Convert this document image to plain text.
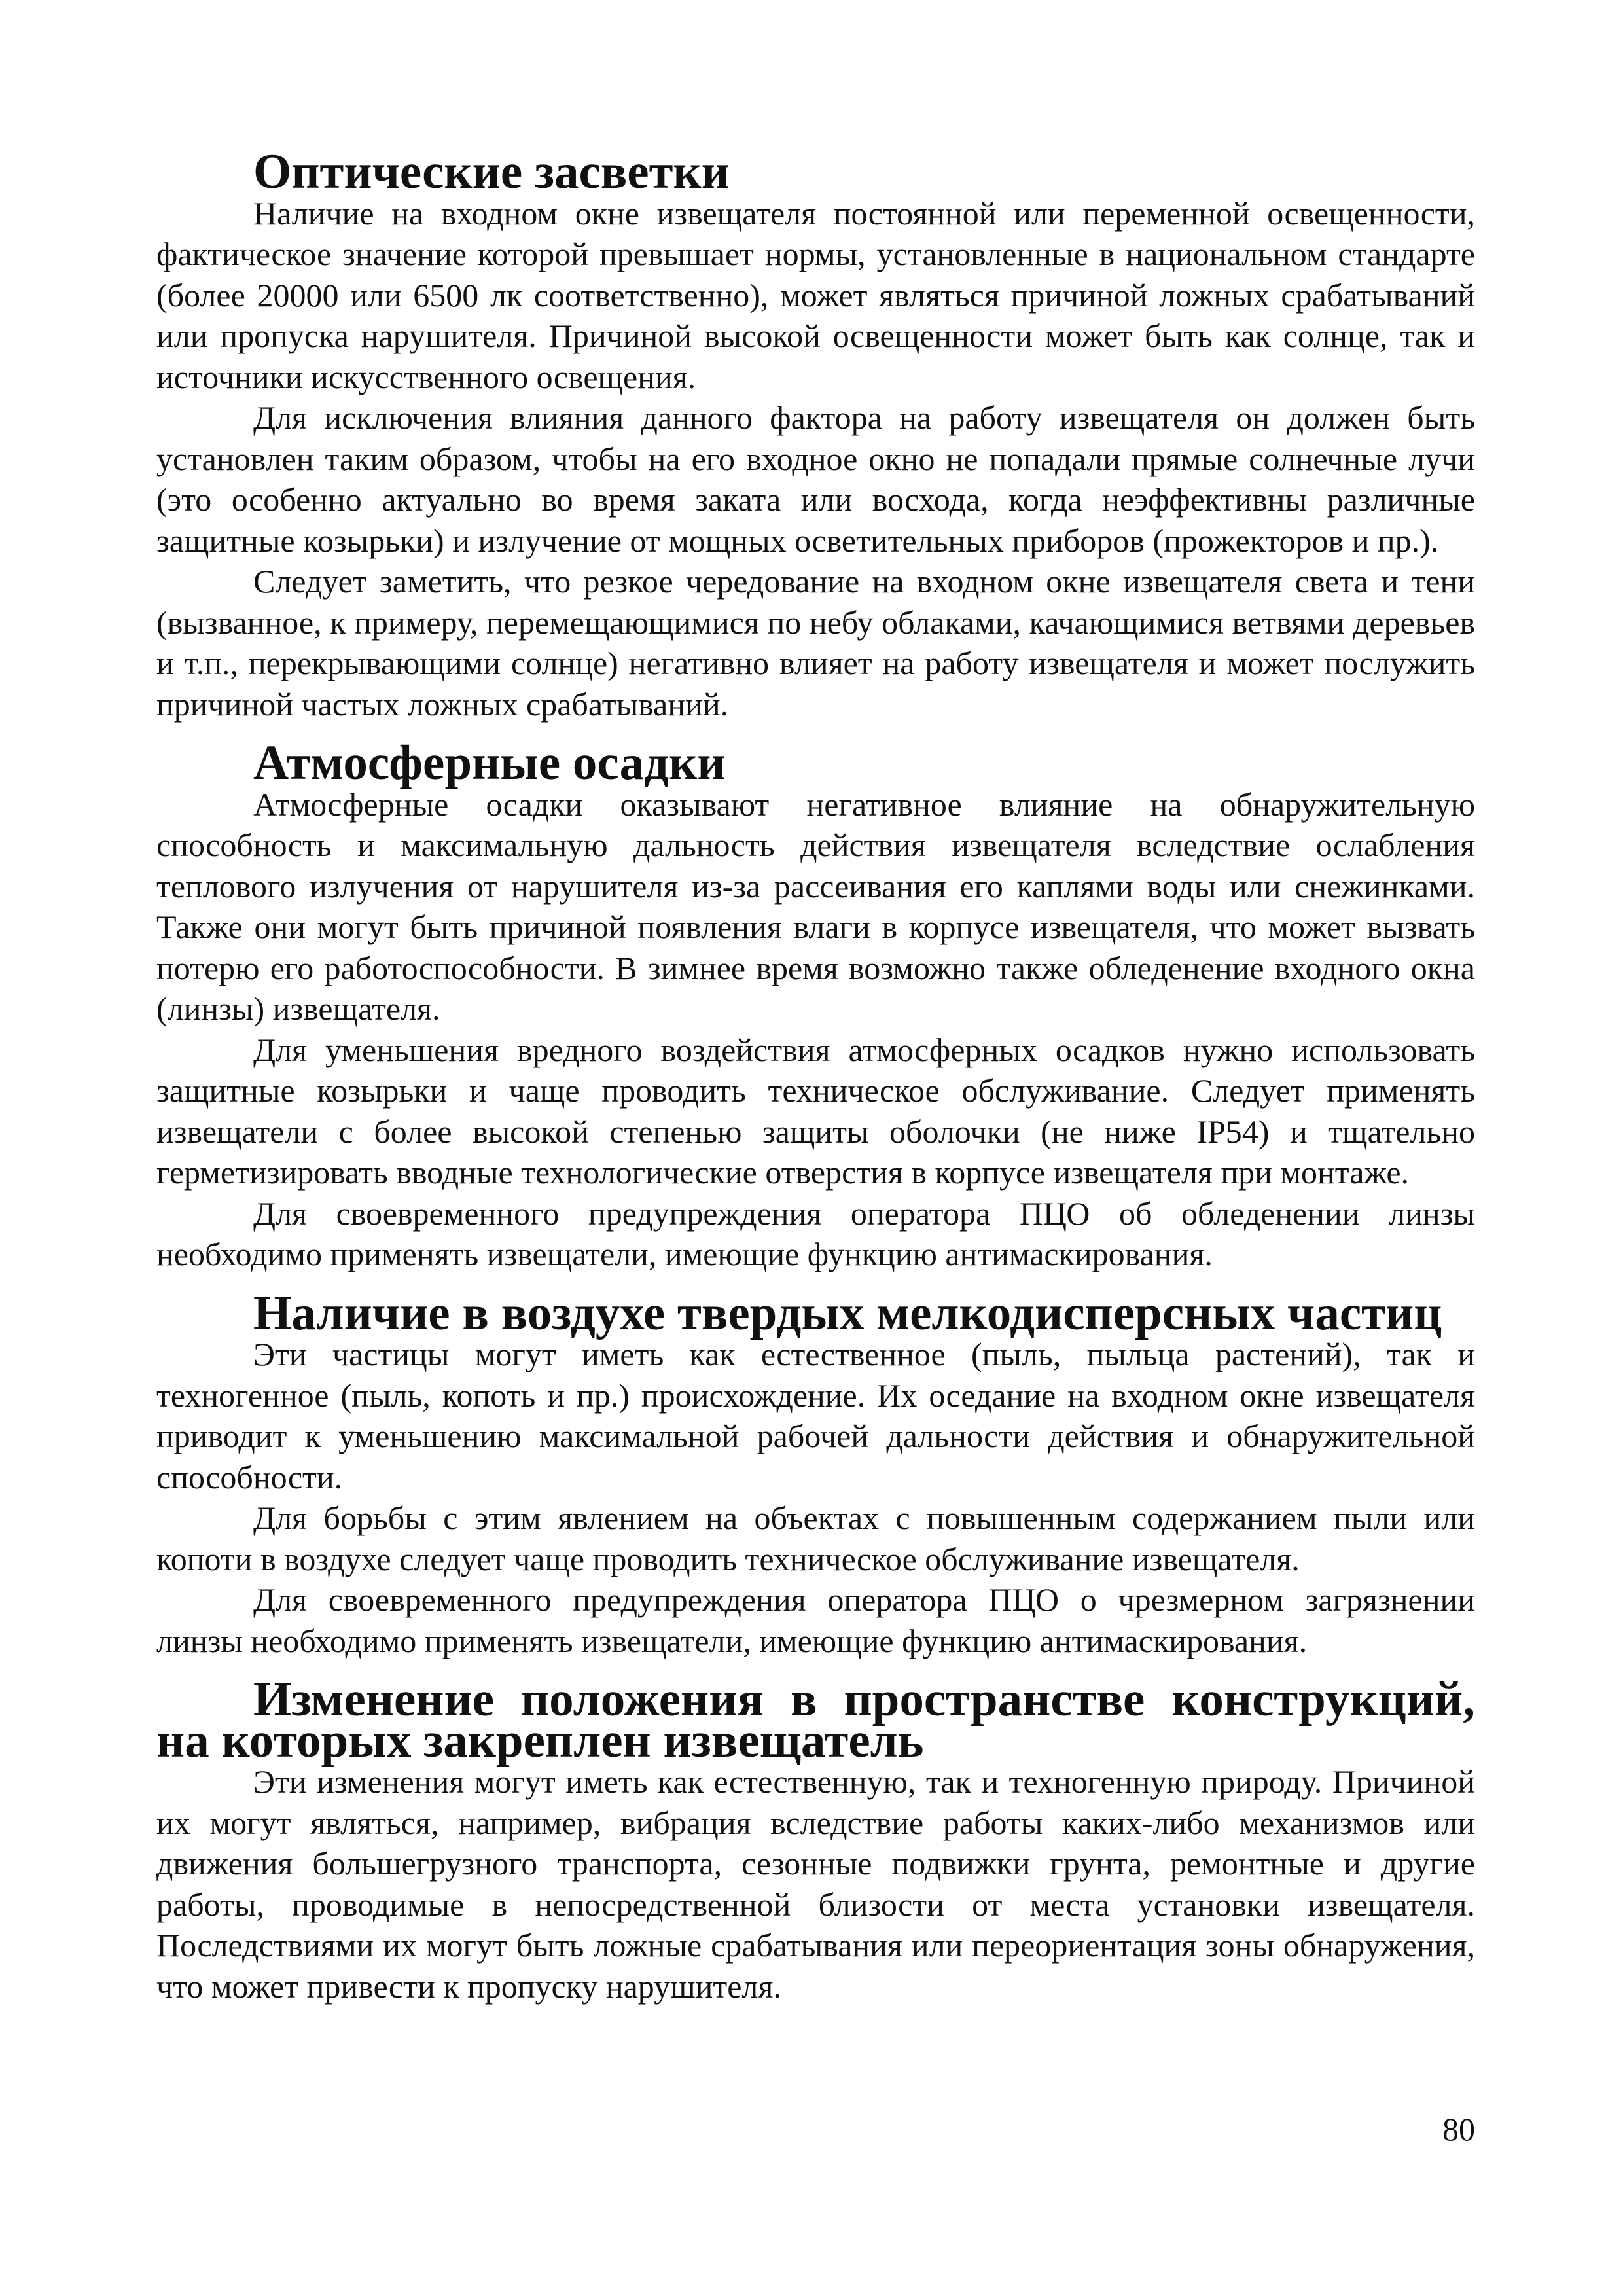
Оптические засветки

Наличие на входном окне извещателя постоянной или переменной освещенности, фактическое значение которой превышает нормы, установленные в национальном стандарте (более 20000 или 6500 лк соответственно), может являться причиной ложных срабатываний или пропуска нарушителя. Причиной высокой освещенности может быть как солнце, так и источники искусственного освещения.

Для исключения влияния данного фактора на работу извещателя он должен быть установлен таким образом, чтобы на его входное окно не попадали прямые солнечные лучи (это особенно актуально во время заката или восхода, когда неэффективны различные защитные козырьки) и излучение от мощных осветительных приборов (прожекторов и пр.).

Следует заметить, что резкое чередование на входном окне извещателя света и тени (вызванное, к примеру, перемещающимися по небу облаками, качающимися ветвями деревьев и т.п., перекрывающими солнце) негативно влияет на работу извещателя и может послужить причиной частых ложных срабатываний.

Атмосферные осадки

Атмосферные осадки оказывают негативное влияние на обнаружительную способность и максимальную дальность действия извещателя вследствие ослабления теплового излучения от нарушителя из-за рассеивания его каплями воды или снежинками. Также они могут быть причиной появления влаги в корпусе извещателя, что может вызвать потерю его работоспособности. В зимнее время возможно также обледенение входного окна (линзы) извещателя.

Для уменьшения вредного воздействия атмосферных осадков нужно использовать защитные козырьки и чаще проводить техническое обслуживание. Следует применять извещатели с более высокой степенью защиты оболочки (не ниже IP54) и тщательно герметизировать вводные технологические отверстия в корпусе извещателя при монтаже.

Для своевременного предупреждения оператора ПЦО об обледенении линзы необходимо применять извещатели, имеющие функцию антимаскирования.

Наличие в воздухе твердых мелкодисперсных частиц

Эти частицы могут иметь как естественное (пыль, пыльца растений), так и техногенное (пыль, копоть и пр.) происхождение. Их оседание на входном окне извещателя приводит к уменьшению максимальной рабочей дальности действия и обнаружительной способности.

Для борьбы с этим явлением на объектах с повышенным содержанием пыли или копоти в воздухе следует чаще проводить техническое обслуживание извещателя.

Для своевременного предупреждения оператора ПЦО о чрезмерном загрязнении линзы необходимо применять извещатели, имеющие функцию антимаскирования.

Изменение положения в пространстве конструкций, на которых закреплен извещатель

Эти изменения могут иметь как естественную, так и техногенную природу. Причиной их могут являться, например, вибрация вследствие работы каких-либо механизмов или движения большегрузного транспорта, сезонные подвижки грунта, ремонтные и другие работы, проводимые в непосредственной близости от места установки извещателя. Последствиями их могут быть ложные срабатывания или переориентация зоны обнаружения, что может привести к пропуску нарушителя.

80
